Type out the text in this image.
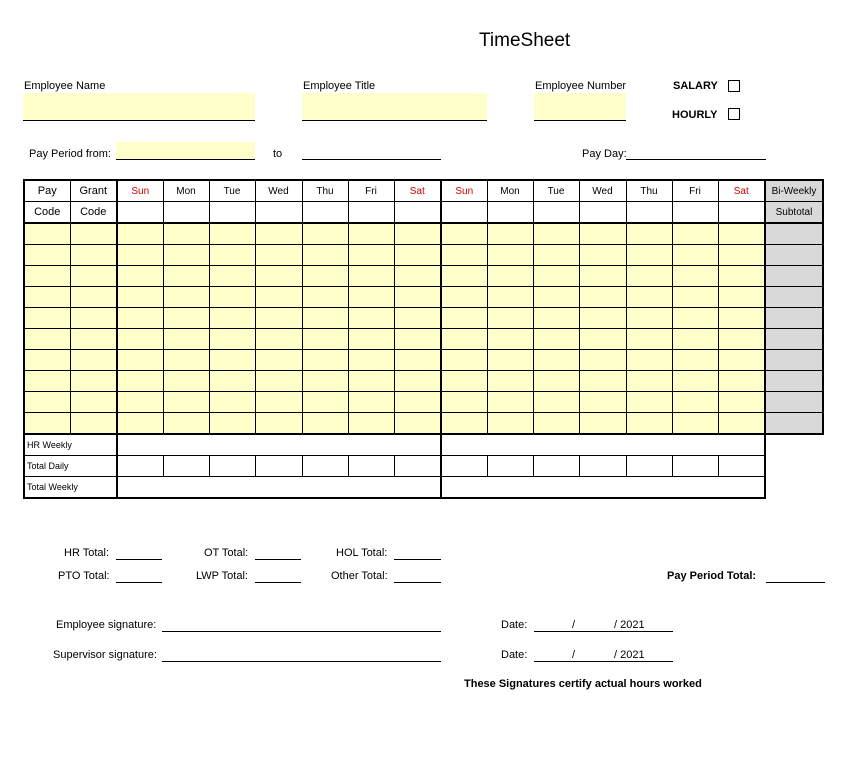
TimeSheet
Employee Name	Employee Title	Employee Number	SALARY
HOURLY
Pay Period from:	to	Pay Day:
Pay	Grant	Sun	Mon	Tue	Wed	Thu	Fri	Sat	Sun	Mon	Tue	Wed	Thu	Fri	Sat	Bi-Weekly
Code	Code															Subtotal

HR Weekly																
Total Daily																
Total Weekly																
HR Total:	OT Total:	HOL Total:
PTO Total:	LWP Total:	Other Total:	Pay Period Total:
Employee signature:	Date:	/	/ 2021
Supervisor signature:	Date:	/	/ 2021
These Signatures certify actual hours worked
